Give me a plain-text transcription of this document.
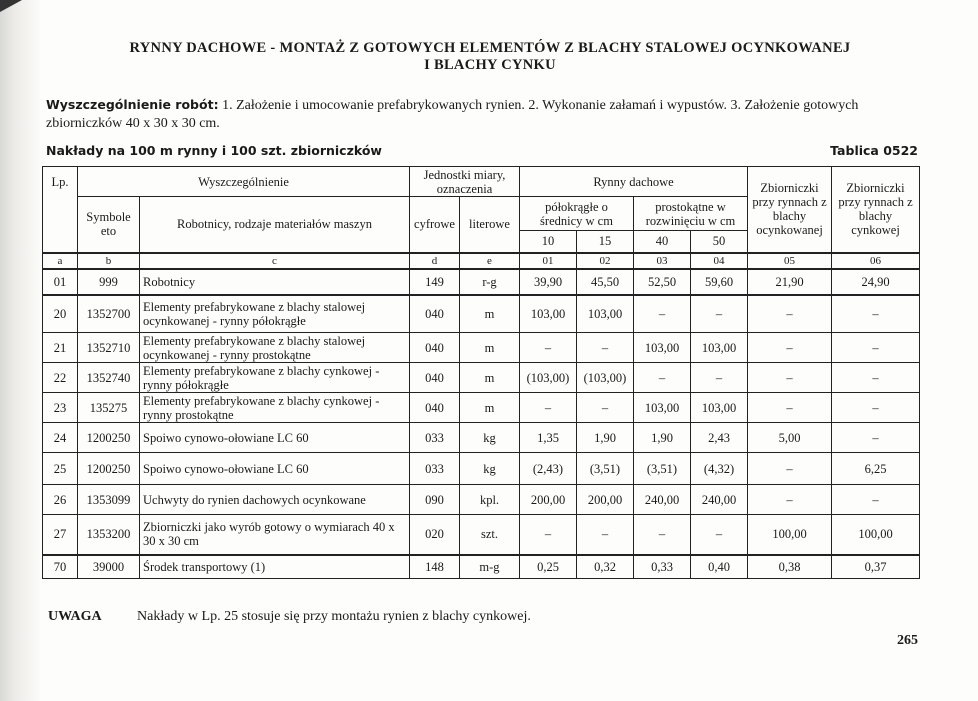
RYNNY DACHOWE - MONTAŻ Z GOTOWYCH ELEMENTÓW Z BLACHY STALOWEJ OCYNKOWANEJ
I BLACHY CYNKU
Wyszczególnienie robót: 1. Założenie i umocowanie prefabrykowanych rynien. 2. Wykonanie załamań i wypustów. 3. Założenie gotowych zbiorniczków 40 x 30 x 30 cm.
Nakłady na 100 m rynny i 100 szt. zbiorniczków	Tablica 0522
Lp.	Wyszczególnienie		Jednostki miary, oznaczenia		Rynny dachowe				Zbiorniczki przy rynnach z blachy ocynkowanej	Zbiorniczki przy rynnach z blachy cynkowej
	Symbole eto	Robotnicy, rodzaje materiałów maszyn	cyfrowe	literowe	półokrągłe o średnicy w cm		prostokątne w rozwinięciu w cm			
					10	15	40	50		
a	b	c	d	e	01	02	03	04	05	06
01	999	Robotnicy	149	r-g	39,90	45,50	52,50	59,60	21,90	24,90
20	1352700	Elementy prefabrykowane z blachy stalowej ocynkowanej - rynny półokrągłe	040	m	103,00	103,00	–	–	–	–
21	1352710	Elementy prefabrykowane z blachy stalowej ocynkowanej - rynny prostokątne	040	m	–	–	103,00	103,00	–	–
22	1352740	Elementy prefabrykowane z blachy cynkowej - rynny półokrągłe	040	m	(103,00)	(103,00)	–	–	–	–
23	135275	Elementy prefabrykowane z blachy cynkowej - rynny prostokątne	040	m	–	–	103,00	103,00	–	–
24	1200250	Spoiwo cynowo-ołowiane LC 60	033	kg	1,35	1,90	1,90	2,43	5,00	–
25	1200250	Spoiwo cynowo-ołowiane LC 60	033	kg	(2,43)	(3,51)	(3,51)	(4,32)	–	6,25
26	1353099	Uchwyty do rynien dachowych ocynkowane	090	kpl.	200,00	200,00	240,00	240,00	–	–
27	1353200	Zbiorniczki jako wyrób gotowy o wymiarach 40 x 30 x 30 cm	020	szt.	–	–	–	–	100,00	100,00
70	39000	Środek transportowy (1)	148	m-g	0,25	0,32	0,33	0,40	0,38	0,37
UWAGA	Nakłady w Lp. 25 stosuje się przy montażu rynien z blachy cynkowej.
265
